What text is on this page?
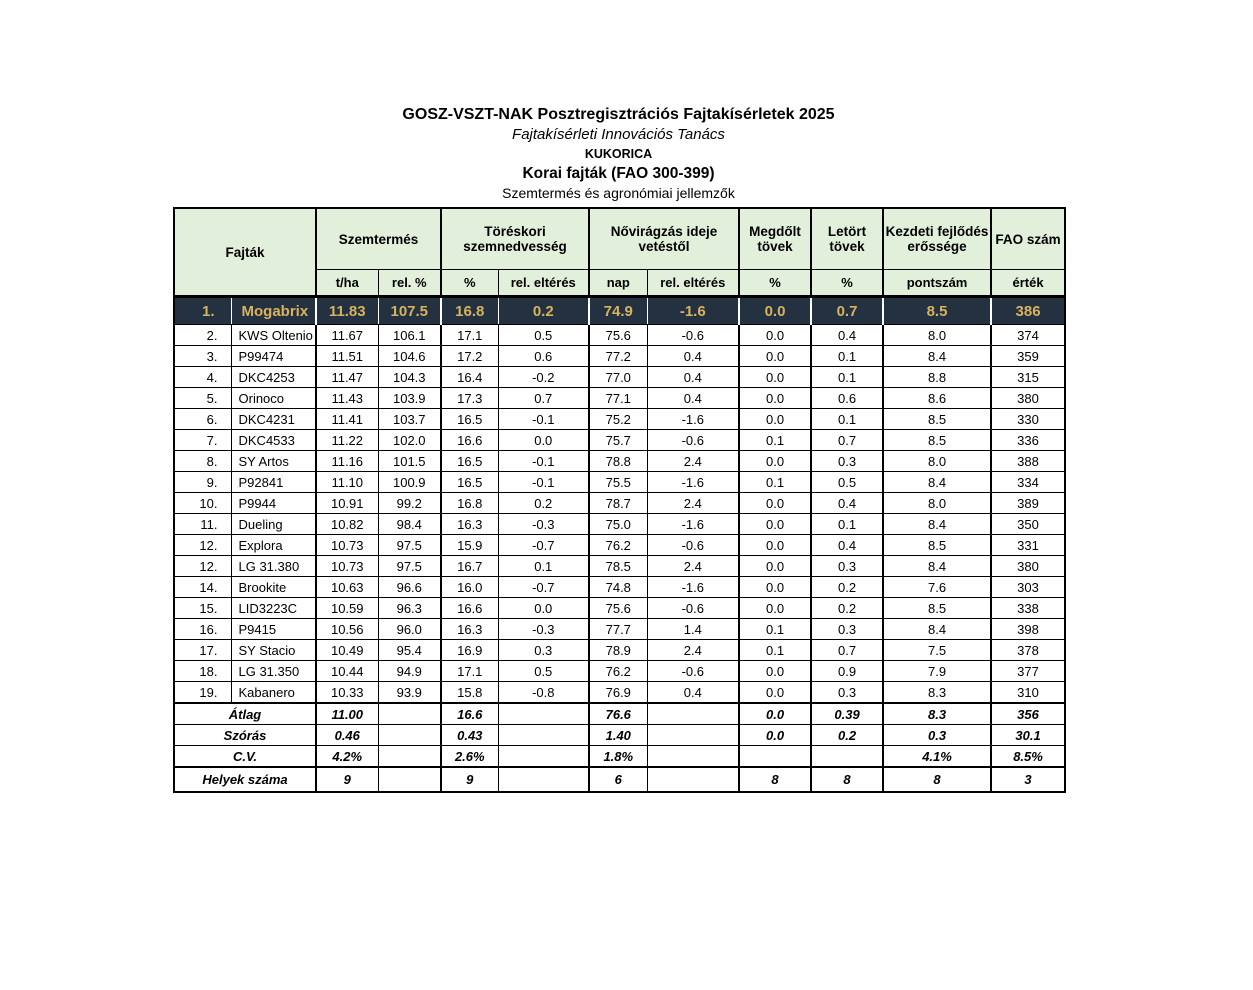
GOSZ-VSZT-NAK Posztregisztrációs Fajtakísérletek 2025
Fajtakísérleti Innovációs Tanács
KUKORICA
Korai fajták (FAO 300-399)
Szemtermés és agronómiai jellemzők
Fajták		Szemtermés		Töréskori szemnedvesség		Nővirágzás ideje vetéstől		Megdőlt tövek	Letört tövek	Kezdeti fejlődés erőssége	FAO szám
		t/ha	rel. %	%	rel. eltérés	nap	rel. eltérés	%	%	pontszám	érték
1.	Mogabrix	11.83	107.5	16.8	0.2	74.9	-1.6	0.0	0.7	8.5	386
2.	KWS Oltenio	11.67	106.1	17.1	0.5	75.6	-0.6	0.0	0.4	8.0	374
3.	P99474	11.51	104.6	17.2	0.6	77.2	0.4	0.0	0.1	8.4	359
4.	DKC4253	11.47	104.3	16.4	-0.2	77.0	0.4	0.0	0.1	8.8	315
5.	Orinoco	11.43	103.9	17.3	0.7	77.1	0.4	0.0	0.6	8.6	380
6.	DKC4231	11.41	103.7	16.5	-0.1	75.2	-1.6	0.0	0.1	8.5	330
7.	DKC4533	11.22	102.0	16.6	0.0	75.7	-0.6	0.1	0.7	8.5	336
8.	SY Artos	11.16	101.5	16.5	-0.1	78.8	2.4	0.0	0.3	8.0	388
9.	P92841	11.10	100.9	16.5	-0.1	75.5	-1.6	0.1	0.5	8.4	334
10.	P9944	10.91	99.2	16.8	0.2	78.7	2.4	0.0	0.4	8.0	389
11.	Dueling	10.82	98.4	16.3	-0.3	75.0	-1.6	0.0	0.1	8.4	350
12.	Explora	10.73	97.5	15.9	-0.7	76.2	-0.6	0.0	0.4	8.5	331
12.	LG 31.380	10.73	97.5	16.7	0.1	78.5	2.4	0.0	0.3	8.4	380
14.	Brookite	10.63	96.6	16.0	-0.7	74.8	-1.6	0.0	0.2	7.6	303
15.	LID3223C	10.59	96.3	16.6	0.0	75.6	-0.6	0.0	0.2	8.5	338
16.	P9415	10.56	96.0	16.3	-0.3	77.7	1.4	0.1	0.3	8.4	398
17.	SY Stacio	10.49	95.4	16.9	0.3	78.9	2.4	0.1	0.7	7.5	378
18.	LG 31.350	10.44	94.9	17.1	0.5	76.2	-0.6	0.0	0.9	7.9	377
19.	Kabanero	10.33	93.9	15.8	-0.8	76.9	0.4	0.0	0.3	8.3	310
Átlag		11.00		16.6		76.6		0.0	0.39	8.3	356
Szórás		0.46		0.43		1.40		0.0	0.2	0.3	30.1
C.V.		4.2%		2.6%		1.8%				4.1%	8.5%
Helyek száma		9		9		6		8	8	8	3
